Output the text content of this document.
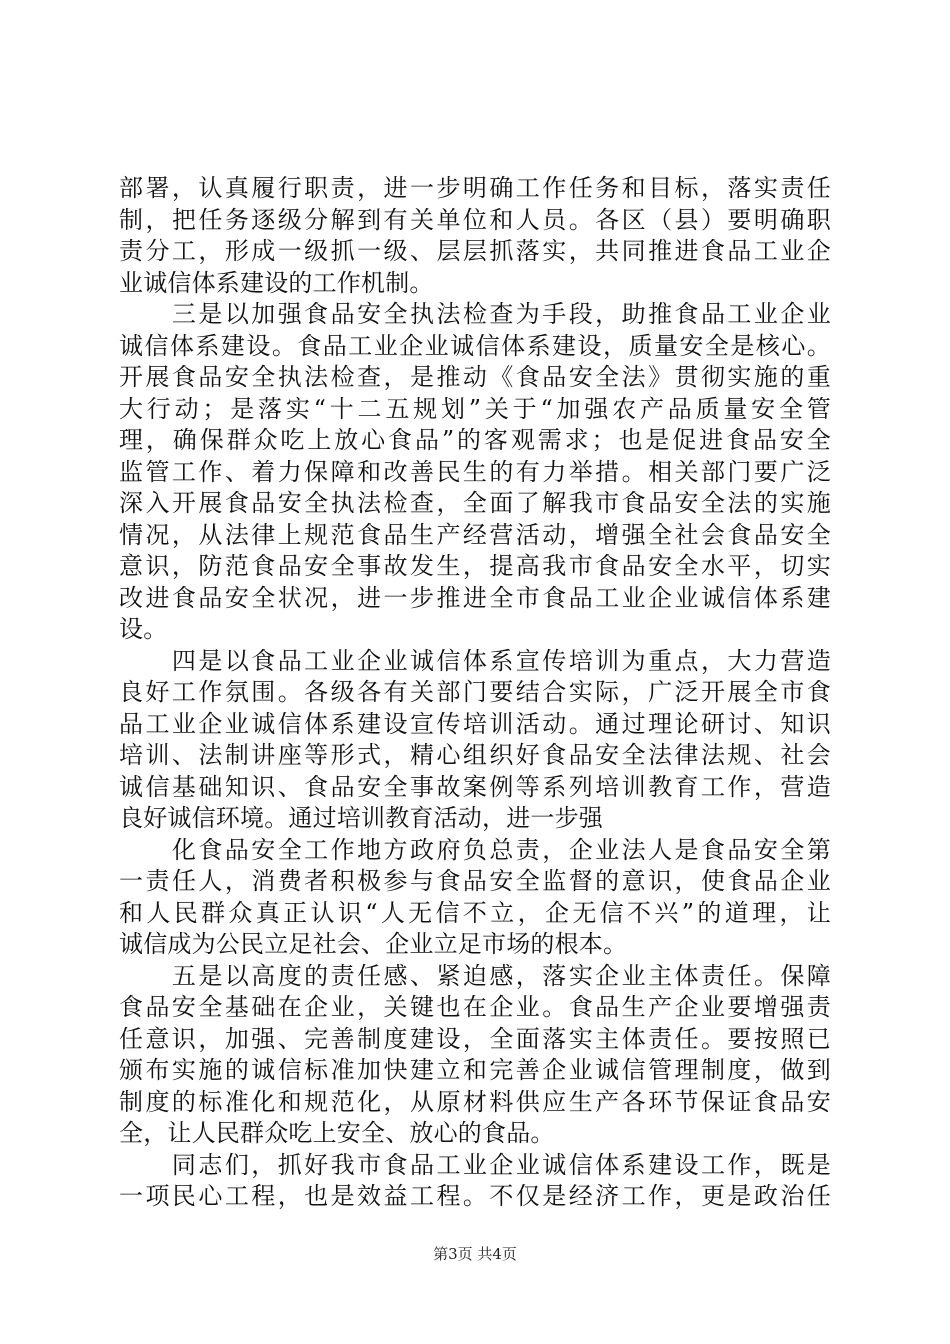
部署，认真履行职责，进一步明确工作任务和目标，落实责任
制，把任务逐级分解到有关单位和人员。各区（县）要明确职
责分工，形成一级抓一级、层层抓落实，共同推进食品工业企
业诚信体系建设的工作机制。
　　三是以加强食品安全执法检查为手段，助推食品工业企业
诚信体系建设。食品工业企业诚信体系建设，质量安全是核心。
开展食品安全执法检查，是推动《食品安全法》贯彻实施的重
大行动；是落实“十二五规划”关于“加强农产品质量安全管
理，确保群众吃上放心食品”的客观需求；也是促进食品安全
监管工作、着力保障和改善民生的有力举措。相关部门要广泛
深入开展食品安全执法检查，全面了解我市食品安全法的实施
情况，从法律上规范食品生产经营活动，增强全社会食品安全
意识，防范食品安全事故发生，提高我市食品安全水平，切实
改进食品安全状况，进一步推进全市食品工业企业诚信体系建
设。
　　四是以食品工业企业诚信体系宣传培训为重点，大力营造
良好工作氛围。各级各有关部门要结合实际，广泛开展全市食
品工业企业诚信体系建设宣传培训活动。通过理论研讨、知识
培训、法制讲座等形式，精心组织好食品安全法律法规、社会
诚信基础知识、食品安全事故案例等系列培训教育工作，营造
良好诚信环境。通过培训教育活动，进一步强
　　化食品安全工作地方政府负总责，企业法人是食品安全第
一责任人，消费者积极参与食品安全监督的意识，使食品企业
和人民群众真正认识“人无信不立，企无信不兴”的道理，让
诚信成为公民立足社会、企业立足市场的根本。
　　五是以高度的责任感、紧迫感，落实企业主体责任。保障
食品安全基础在企业，关键也在企业。食品生产企业要增强责
任意识，加强、完善制度建设，全面落实主体责任。要按照已
颁布实施的诚信标准加快建立和完善企业诚信管理制度，做到
制度的标准化和规范化，从原材料供应生产各环节保证食品安
全，让人民群众吃上安全、放心的食品。
　　同志们，抓好我市食品工业企业诚信体系建设工作，既是
一项民心工程，也是效益工程。不仅是经济工作，更是政治任
第3页 共4页
